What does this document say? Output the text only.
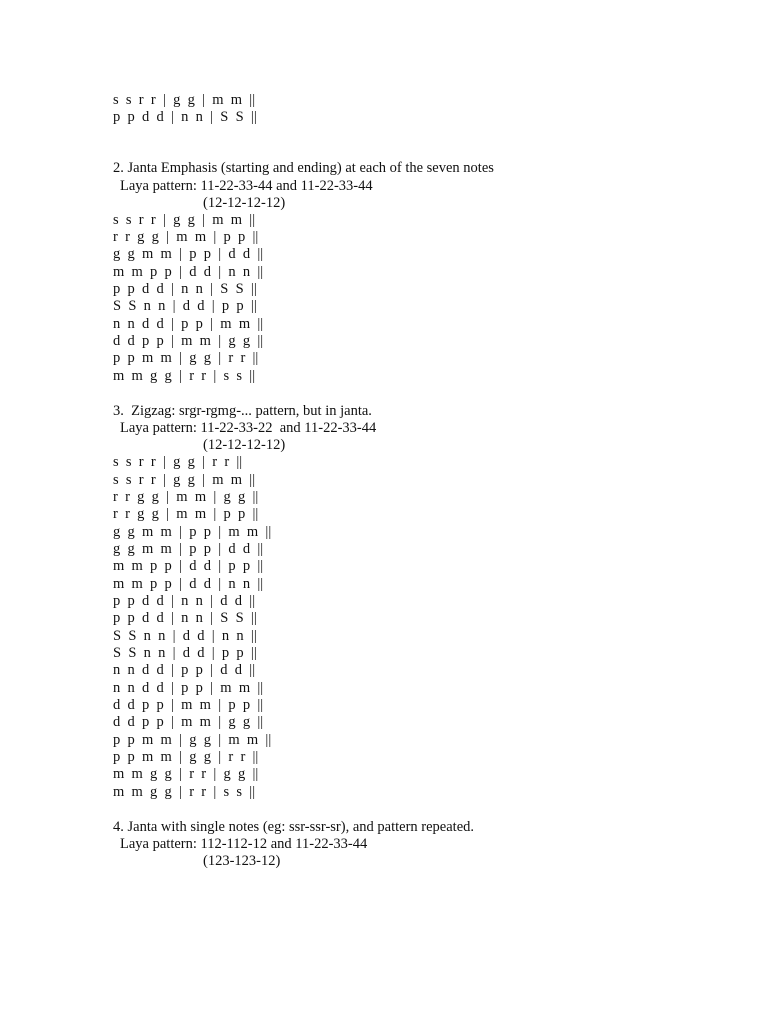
s  s  r  r  |  g  g  |  m  m  ||
p  p  d  d  |  n  n  |  S  S  ||
2. Janta Emphasis (starting and ending) at each of the seven notes
Laya pattern: 11-22-33-44 and 11-22-33-44
(12-12-12-12)
s  s  r  r  |  g  g  |  m  m  ||
r  r  g  g  |  m  m  |  p  p  ||
g  g  m  m  |  p  p  |  d  d  ||
m  m  p  p  |  d  d  |  n  n  ||
p  p  d  d  |  n  n  |  S  S  ||
S  S  n  n  |  d  d  |  p  p  ||
n  n  d  d  |  p  p  |  m  m  ||
d  d  p  p  |  m  m  |  g  g  ||
p  p  m  m  |  g  g  |  r  r  ||
m  m  g  g  |  r  r  |  s  s  ||
3.  Zigzag: srgr-rgmg-... pattern, but in janta.
Laya pattern: 11-22-33-22  and 11-22-33-44
(12-12-12-12)
s  s  r  r  |  g  g  |  r  r  ||
s  s  r  r  |  g  g  |  m  m  ||
r  r  g  g  |  m  m  |  g  g  ||
r  r  g  g  |  m  m  |  p  p  ||
g  g  m  m  |  p  p  |  m  m  ||
g  g  m  m  |  p  p  |  d  d  ||
m  m  p  p  |  d  d  |  p  p  ||
m  m  p  p  |  d  d  |  n  n  ||
p  p  d  d  |  n  n  |  d  d  ||
p  p  d  d  |  n  n  |  S  S  ||
S  S  n  n  |  d  d  |  n  n  ||
S  S  n  n  |  d  d  |  p  p  ||
n  n  d  d  |  p  p  |  d  d  ||
n  n  d  d  |  p  p  |  m  m  ||
d  d  p  p  |  m  m  |  p  p  ||
d  d  p  p  |  m  m  |  g  g  ||
p  p  m  m  |  g  g  |  m  m  ||
p  p  m  m  |  g  g  |  r  r  ||
m  m  g  g  |  r  r  |  g  g  ||
m  m  g  g  |  r  r  |  s  s  ||
4. Janta with single notes (eg: ssr-ssr-sr), and pattern repeated.
Laya pattern: 112-112-12 and 11-22-33-44
(123-123-12)
